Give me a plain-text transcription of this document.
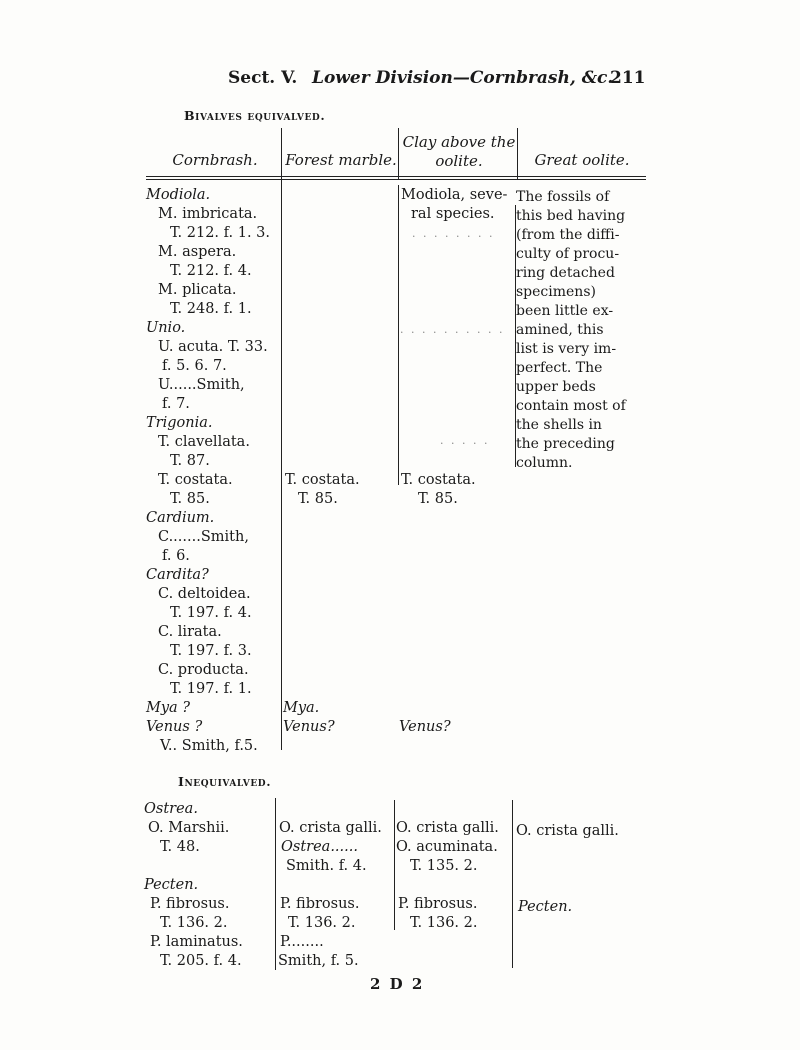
Sect. V. Lower Division—Cornbrash, &c.
211
Bivalves equivalved.
Cornbrash.	Forest marble.
Clay above the
oolite.	Great oolite.
Modiola.
M. imbricata.
T. 212. f. 1. 3.
M. aspera.
T. 212. f. 4.
M. plicata.
T. 248. f. 1.
Unio.
U. acuta. T. 33.
f. 5. 6. 7.
U......Smith,
f. 7.
Trigonia.
T. clavellata.
T. 87.
T. costata.
T. 85.
Cardium.
C.......Smith,
f. 6.
Cardita?
C. deltoidea.
T. 197. f. 4.
C. lirata.
T. 197. f. 3.
C. producta.
T. 197. f. 1.
Mya ?
Venus ?
V.. Smith, f.5.
T. costata.
T. 85.
Mya.
Venus?
Modiola, seve-
ral species.
T. costata.
T. 85.
Venus?
The fossils of
this bed having
(from the diffi-
culty of procu-
ring detached
specimens)
been little ex-
amined, this
list is very im-
perfect. The
upper beds
contain most of
the shells in
the preceding
column.
· · · · · · · ·
· · · · · · · · · ·
· · · · ·
Inequivalved.
Ostrea.
O. Marshii.
T. 48.
Pecten.
P. fibrosus.
T. 136. 2.
P. laminatus.
T. 205. f. 4.
O. crista galli.
Ostrea......
Smith. f. 4.
P. fibrosus.
T. 136. 2.
P........
Smith, f. 5.
O. crista galli.
O. acuminata.
T. 135. 2.
P. fibrosus.
T. 136. 2.
O. crista galli.
Pecten.
2 D 2
